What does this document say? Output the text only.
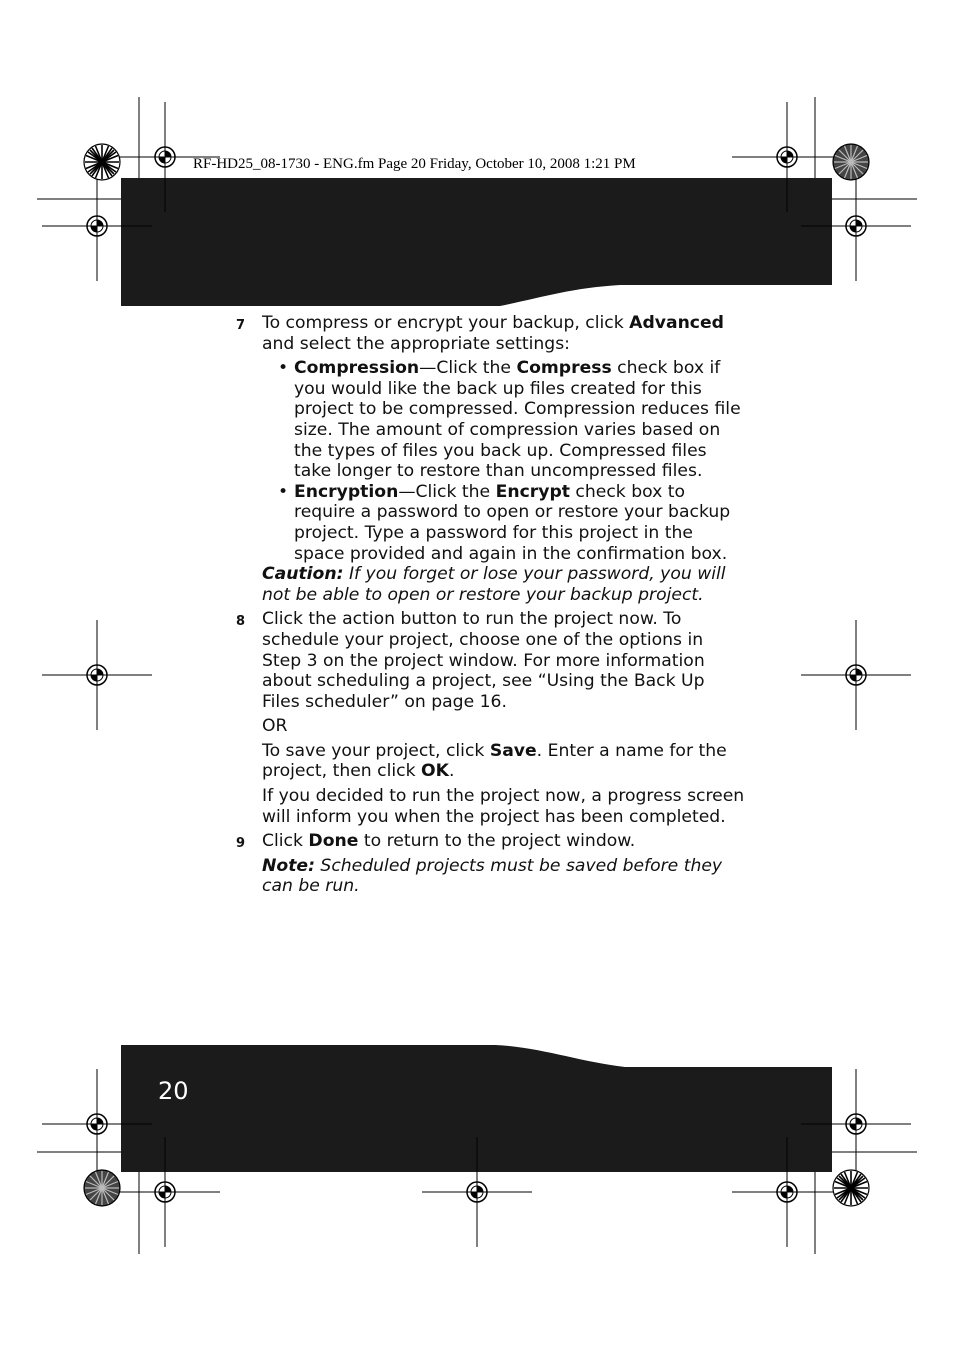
RF-HD25_08-1730 - ENG.fm Page 20 Friday, October 10, 2008 1:21 PM
7 To compress or encrypt your backup, click Advanced and select the appropriate settings:
• Compression—Click the Compress check box if you would like the back up files created for this project to be compressed. Compression reduces file size. The amount of compression varies based on the types of files you back up. Compressed files take longer to restore than uncompressed files.
• Encryption—Click the Encrypt check box to require a password to open or restore your backup project. Type a password for this project in the space provided and again in the confirmation box.
Caution: If you forget or lose your password, you will not be able to open or restore your backup project.
8 Click the action button to run the project now. To schedule your project, choose one of the options in Step 3 on the project window. For more information about scheduling a project, see “Using the Back Up Files scheduler” on page 16.
OR
To save your project, click Save. Enter a name for the project, then click OK.
If you decided to run the project now, a progress screen will inform you when the project has been completed.
9 Click Done to return to the project window.
Note: Scheduled projects must be saved before they can be run.
20
